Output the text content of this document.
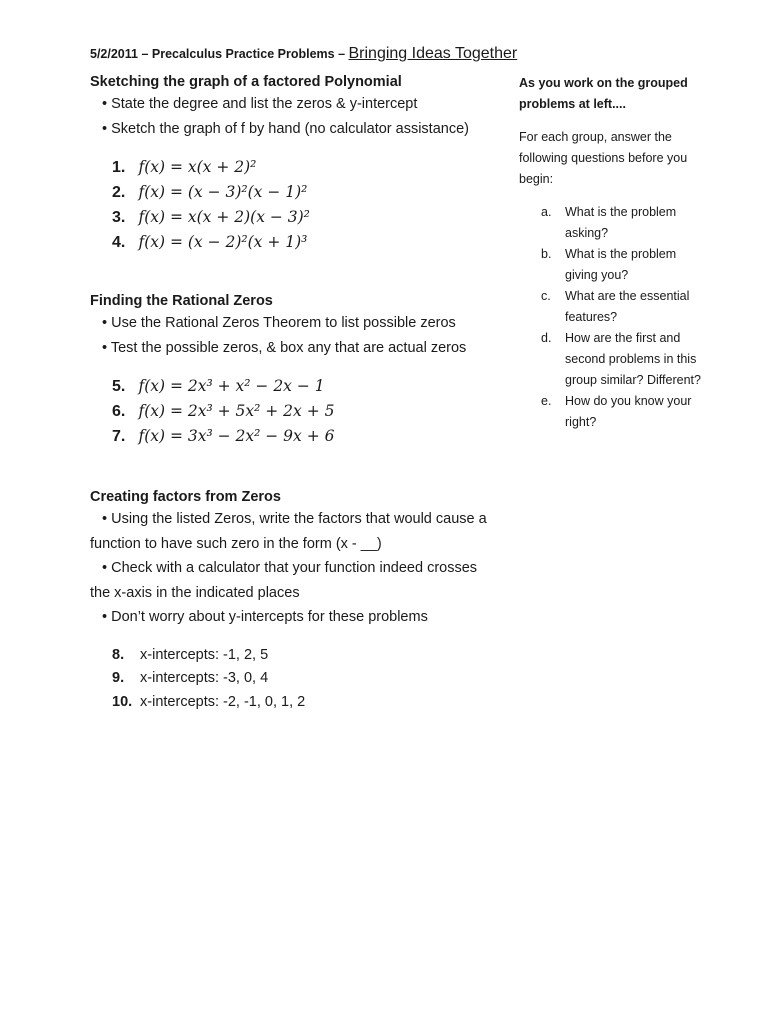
5/2/2011 – Precalculus Practice Problems – Bringing Ideas Together

Sketching the graph of a factored Polynomial

• State the degree and list the zeros & y-intercept

• Sketch the graph of f by hand (no calculator assistance)

1. f(x) = x(x + 2)²
2. f(x) = (x − 3)²(x − 1)²
3. f(x) = x(x + 2)(x − 3)²
4. f(x) = (x − 2)²(x + 1)³

Finding the Rational Zeros

• Use the Rational Zeros Theorem to list possible zeros

• Test the possible zeros, & box any that are actual zeros

5. f(x) = 2x³ + x² − 2x − 1
6. f(x) = 2x³ + 5x² + 2x + 5
7. f(x) = 3x³ − 2x² − 9x + 6

Creating factors from Zeros

• Using the listed Zeros, write the factors that would cause a function to have such zero in the form (x - __)

• Check with a calculator that your function indeed crosses the x-axis in the indicated places

• Don’t worry about y-intercepts for these problems

8. x-intercepts: -1, 2, 5
9. x-intercepts: -3, 0, 4
10. x-intercepts: -2, -1, 0, 1, 2

As you work on the grouped problems at left....

For each group, answer the following questions before you begin:

a.	What is the problem asking?
b.	What is the problem giving you?
c.	What are the essential features?
d.	How are the first and second problems in this group similar? Different?
e.	How do you know your right?
